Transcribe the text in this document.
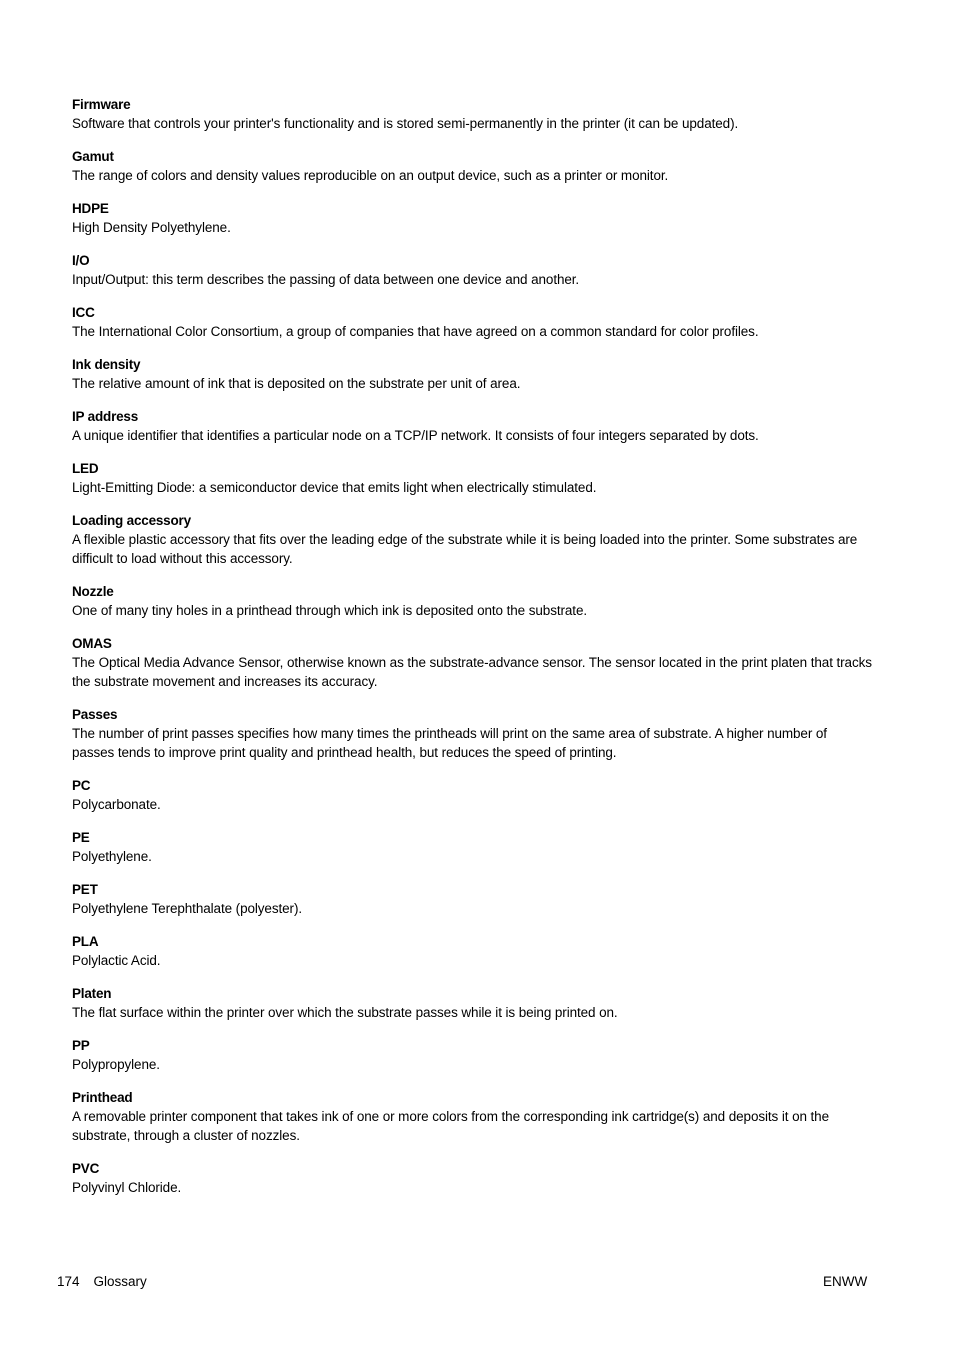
Firmware
Software that controls your printer's functionality and is stored semi-permanently in the printer (it can be updated).
Gamut
The range of colors and density values reproducible on an output device, such as a printer or monitor.
HDPE
High Density Polyethylene.
I/O
Input/Output: this term describes the passing of data between one device and another.
ICC
The International Color Consortium, a group of companies that have agreed on a common standard for color profiles.
Ink density
The relative amount of ink that is deposited on the substrate per unit of area.
IP address
A unique identifier that identifies a particular node on a TCP/IP network. It consists of four integers separated by dots.
LED
Light-Emitting Diode: a semiconductor device that emits light when electrically stimulated.
Loading accessory
A flexible plastic accessory that fits over the leading edge of the substrate while it is being loaded into the printer. Some substrates are difficult to load without this accessory.
Nozzle
One of many tiny holes in a printhead through which ink is deposited onto the substrate.
OMAS
The Optical Media Advance Sensor, otherwise known as the substrate-advance sensor. The sensor located in the print platen that tracks the substrate movement and increases its accuracy.
Passes
The number of print passes specifies how many times the printheads will print on the same area of substrate. A higher number of passes tends to improve print quality and printhead health, but reduces the speed of printing.
PC
Polycarbonate.
PE
Polyethylene.
PET
Polyethylene Terephthalate (polyester).
PLA
Polylactic Acid.
Platen
The flat surface within the printer over which the substrate passes while it is being printed on.
PP
Polypropylene.
Printhead
A removable printer component that takes ink of one or more colors from the corresponding ink cartridge(s) and deposits it on the substrate, through a cluster of nozzles.
PVC
Polyvinyl Chloride.
174 Glossary	ENWW
